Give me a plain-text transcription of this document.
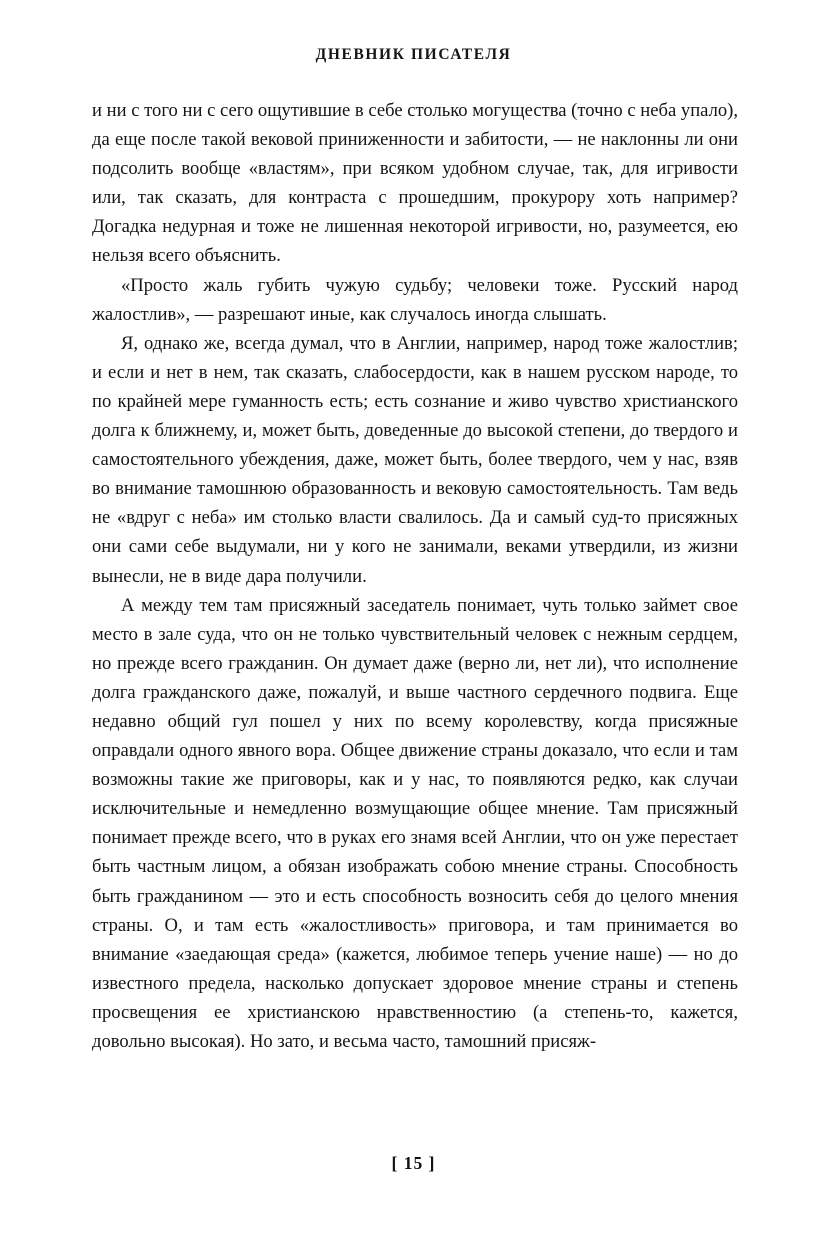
ДНЕВНИК ПИСАТЕЛЯ

и ни с того ни с сего ощутившие в себе столько могущества (точно с неба упало), да еще после такой вековой приниженности и забитости, — не наклонны ли они подсолить вообще «властям», при всяком удобном случае, так, для игривости или, так сказать, для контраста с прошедшим, прокурору хоть например? Догадка недурная и тоже не лишенная некоторой игривости, но, разумеется, ею нельзя всего объяснить.

«Просто жаль губить чужую судьбу; человеки тоже. Русский народ жалостлив», — разрешают иные, как случалось иногда слышать.

Я, однако же, всегда думал, что в Англии, например, народ тоже жалостлив; и если и нет в нем, так сказать, слабосердости, как в нашем русском народе, то по крайней мере гуманность есть; есть сознание и живо чувство христианского долга к ближнему, и, может быть, доведенные до высокой степени, до твердого и самостоятельного убеждения, даже, может быть, более твердого, чем у нас, взяв во внимание тамошнюю образованность и вековую самостоятельность. Там ведь не «вдруг с неба» им столько власти свалилось. Да и самый суд-то присяжных они сами себе выдумали, ни у кого не занимали, веками утвердили, из жизни вынесли, не в виде дара получили.

А между тем там присяжный заседатель понимает, чуть только займет свое место в зале суда, что он не только чувствительный человек с нежным сердцем, но прежде всего гражданин. Он думает даже (верно ли, нет ли), что исполнение долга гражданского даже, пожалуй, и выше частного сердечного подвига. Еще недавно общий гул пошел у них по всему королевству, когда присяжные оправдали одного явного вора. Общее движение страны доказало, что если и там возможны такие же приговоры, как и у нас, то появляются редко, как случаи исключительные и немедленно возмущающие общее мнение. Там присяжный понимает прежде всего, что в руках его знамя всей Англии, что он уже перестает быть частным лицом, а обязан изображать собою мнение страны. Способность быть гражданином — это и есть способность возносить себя до целого мнения страны. О, и там есть «жалостливость» приговора, и там принимается во внимание «заедающая среда» (кажется, любимое теперь учение наше) — но до известного предела, насколько допускает здоровое мнение страны и степень просвещения ее христианскою нравственностию (а степень-то, кажется, довольно высокая). Но зато, и весьма часто, тамошний присяж-

[ 15 ]
